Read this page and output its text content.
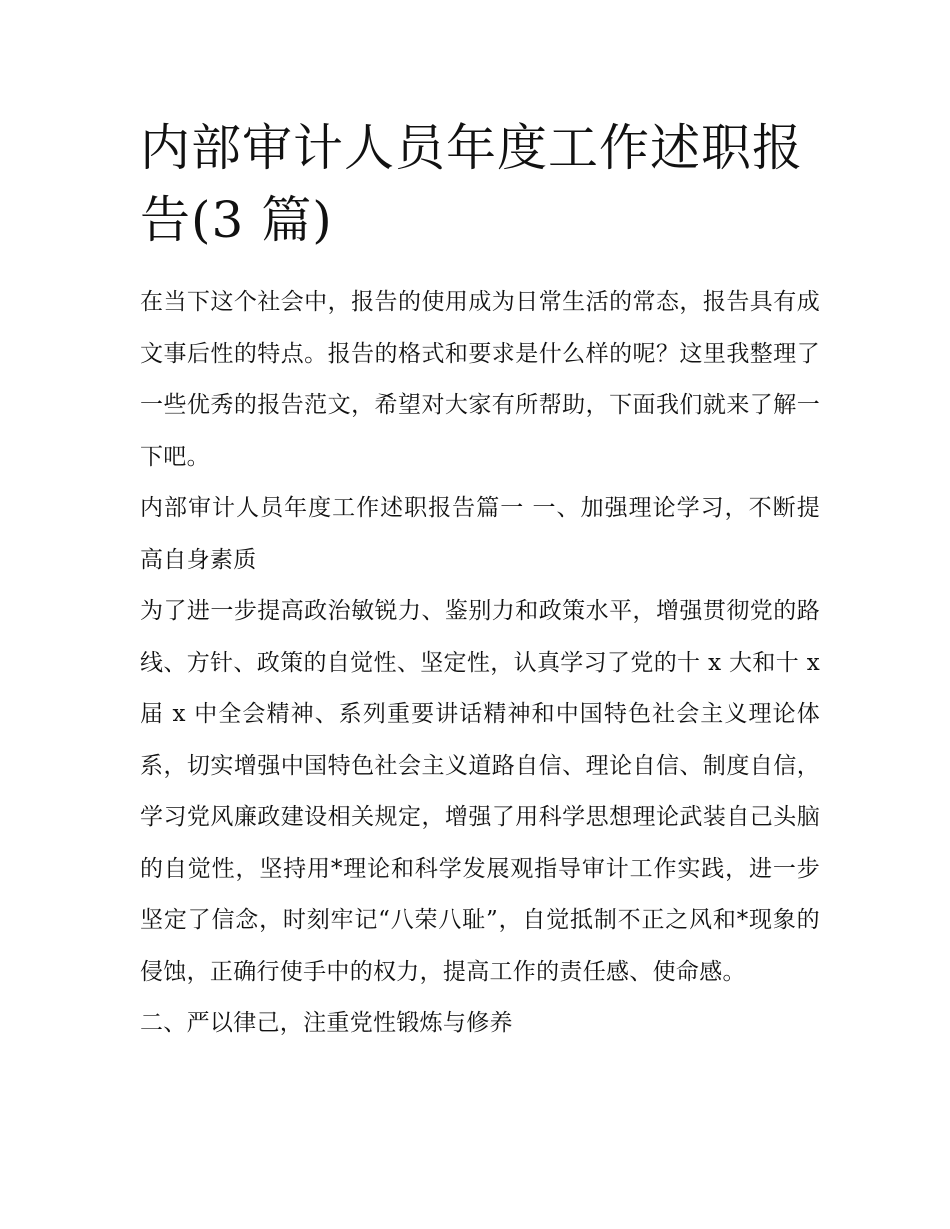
内部审计人员年度工作述职报告(3 篇)

在当下这个社会中，报告的使用成为日常生活的常态，报告具有成文事后性的特点。报告的格式和要求是什么样的呢？这里我整理了一些优秀的报告范文，希望对大家有所帮助，下面我们就来了解一下吧。

内部审计人员年度工作述职报告篇一 一、加强理论学习，不断提高自身素质

为了进一步提高政治敏锐力、鉴别力和政策水平，增强贯彻党的路线、方针、政策的自觉性、坚定性，认真学习了党的十 x 大和十 x 届 x 中全会精神、系列重要讲话精神和中国特色社会主义理论体系，切实增强中国特色社会主义道路自信、理论自信、制度自信，学习党风廉政建设相关规定，增强了用科学思想理论武装自己头脑的自觉性，坚持用*理论和科学发展观指导审计工作实践，进一步坚定了信念，时刻牢记“八荣八耻”，自觉抵制不正之风和*现象的侵蚀，正确行使手中的权力，提高工作的责任感、使命感。

二、严以律己，注重党性锻炼与修养
